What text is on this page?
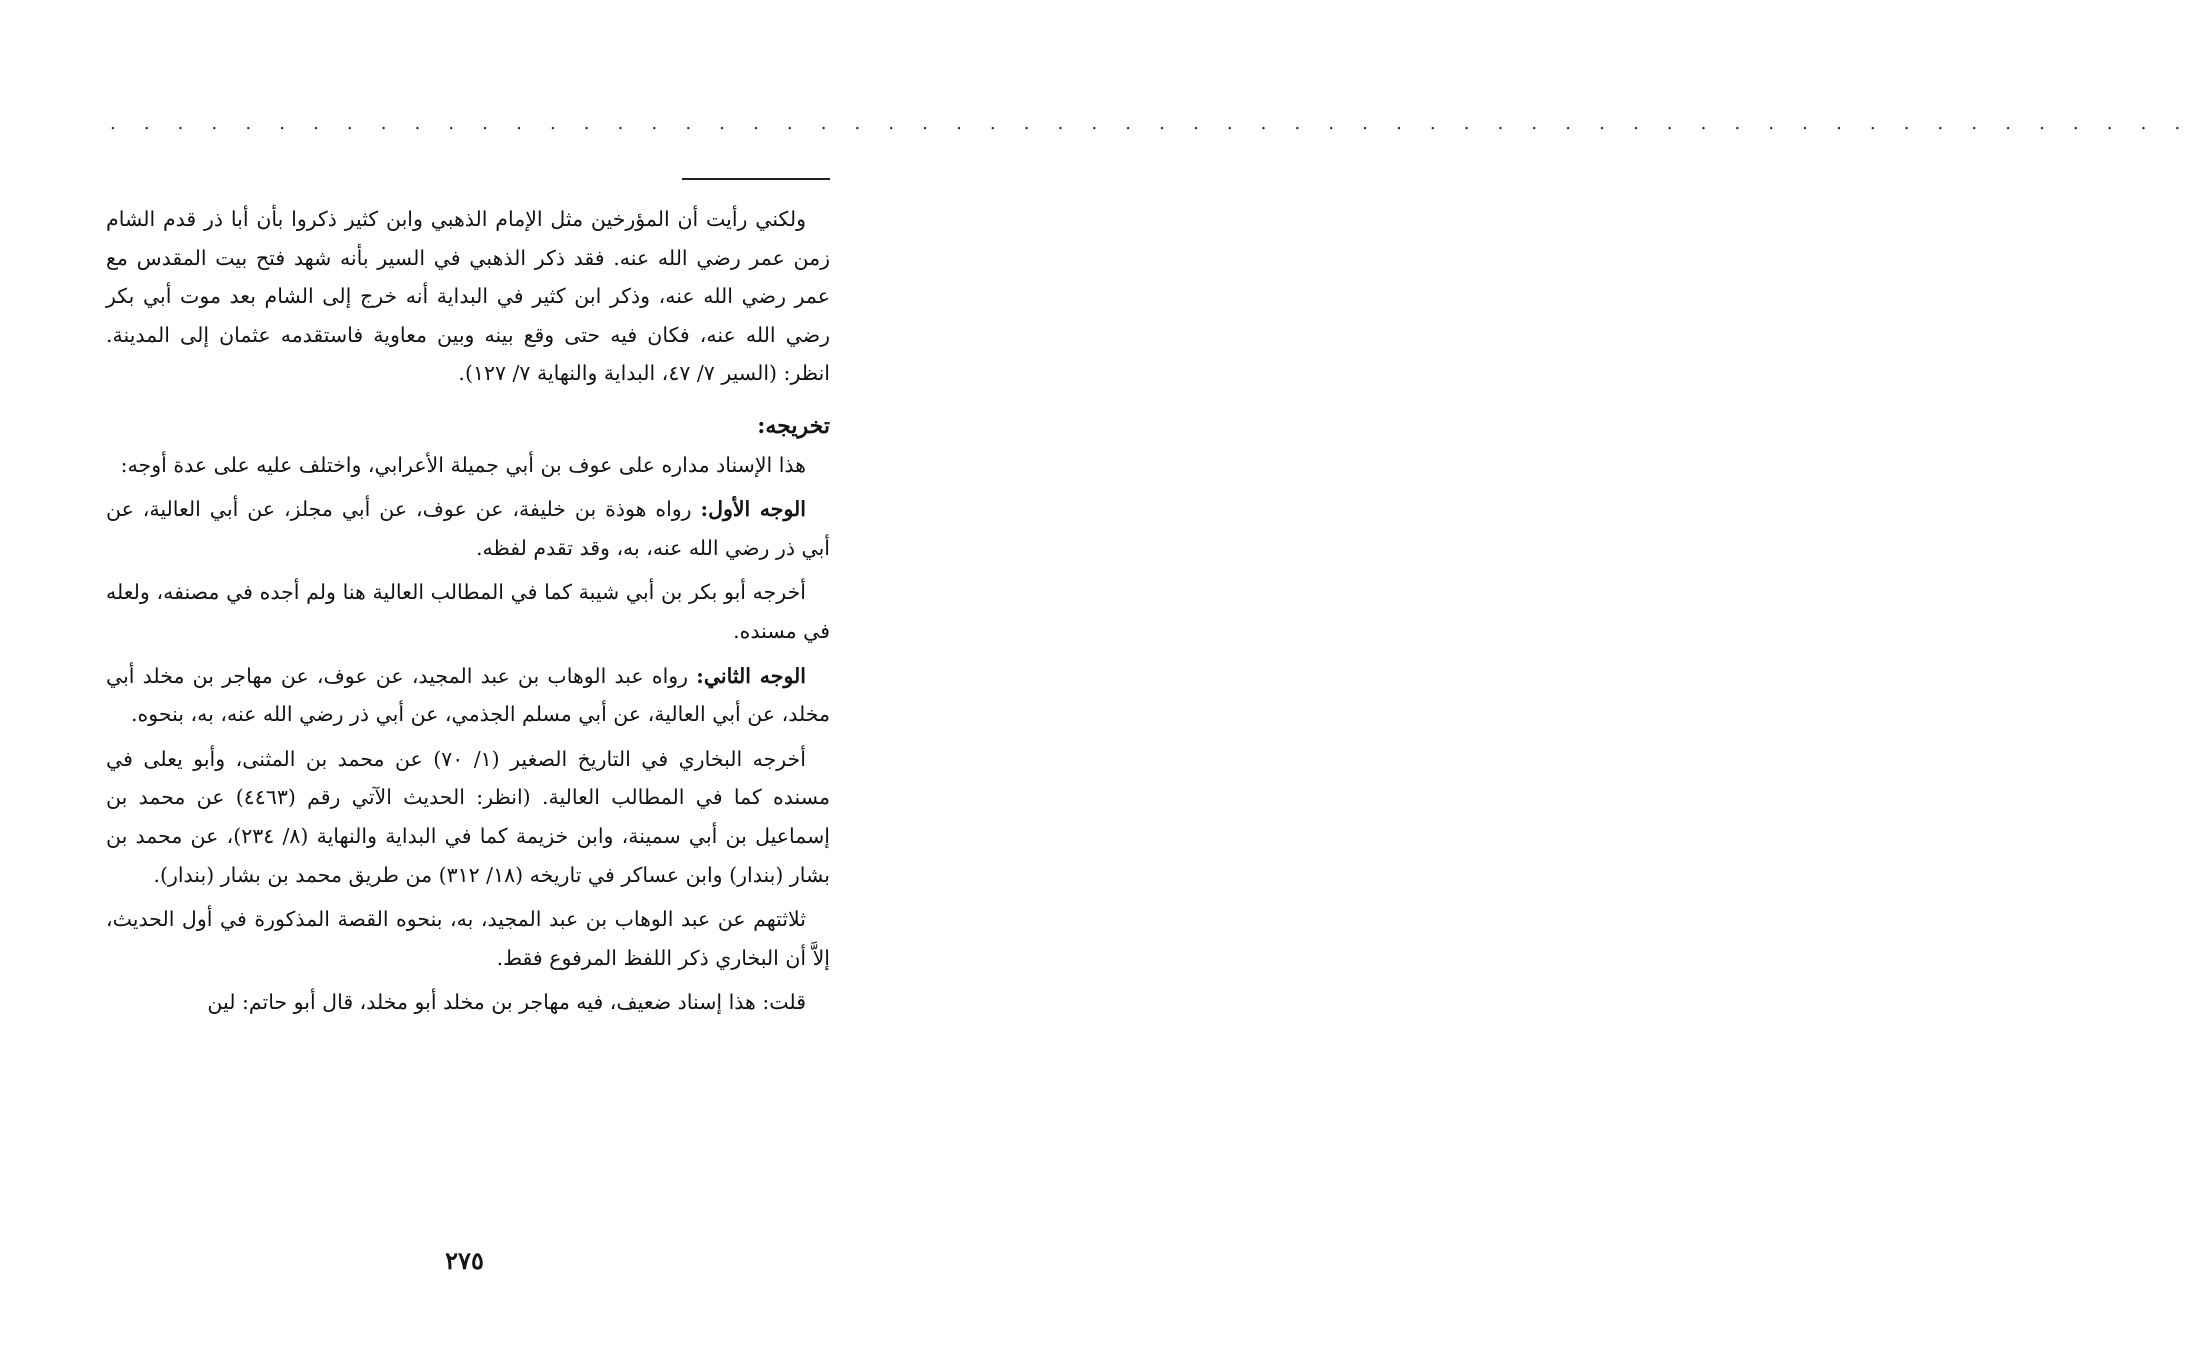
. . . . . . . . . . . . . . . . . . . . . . . . . . . . . . . . . . . . . . . . . . . . . . . . . . . . . . . . . . . . . .

ولكني رأيت أن المؤرخين مثل الإمام الذهبي وابن كثير ذكروا بأن أبا ذر قدم الشام زمن عمر رضي الله عنه. فقد ذكر الذهبي في السير بأنه شهد فتح بيت المقدس مع عمر رضي الله عنه، وذكر ابن كثير في البداية أنه خرج إلى الشام بعد موت أبي بكر رضي الله عنه، فكان فيه حتى وقع بينه وبين معاوية فاستقدمه عثمان إلى المدينة. انظر: (السير ٧/ ٤٧، البداية والنهاية ٧/ ١٢٧).

تخريجه:

هذا الإسناد مداره على عوف بن أبي جميلة الأعرابي، واختلف عليه على عدة أوجه:

الوجه الأول: رواه هوذة بن خليفة، عن عوف، عن أبي مجلز، عن أبي العالية، عن أبي ذر رضي الله عنه، به، وقد تقدم لفظه.

أخرجه أبو بكر بن أبي شيبة كما في المطالب العالية هنا ولم أجده في مصنفه، ولعله في مسنده.

الوجه الثاني: رواه عبد الوهاب بن عبد المجيد، عن عوف، عن مهاجر بن مخلد أبي مخلد، عن أبي العالية، عن أبي مسلم الجذمي، عن أبي ذر رضي الله عنه، به، بنحوه.

أخرجه البخاري في التاريخ الصغير (١/ ٧٠) عن محمد بن المثنى، وأبو يعلى في مسنده كما في المطالب العالية. (انظر: الحديث الآتي رقم (٤٤٦٣) عن محمد بن إسماعيل بن أبي سمينة، وابن خزيمة كما في البداية والنهاية (٨/ ٢٣٤)، عن محمد بن بشار (بندار) وابن عساكر في تاريخه (١٨/ ٣١٢) من طريق محمد بن بشار (بندار).

ثلاثتهم عن عبد الوهاب بن عبد المجيد، به، بنحوه القصة المذكورة في أول الحديث، إلاَّ أن البخاري ذكر اللفظ المرفوع فقط.

قلت: هذا إسناد ضعيف، فيه مهاجر بن مخلد أبو مخلد، قال أبو حاتم: لين

٢٧٥
